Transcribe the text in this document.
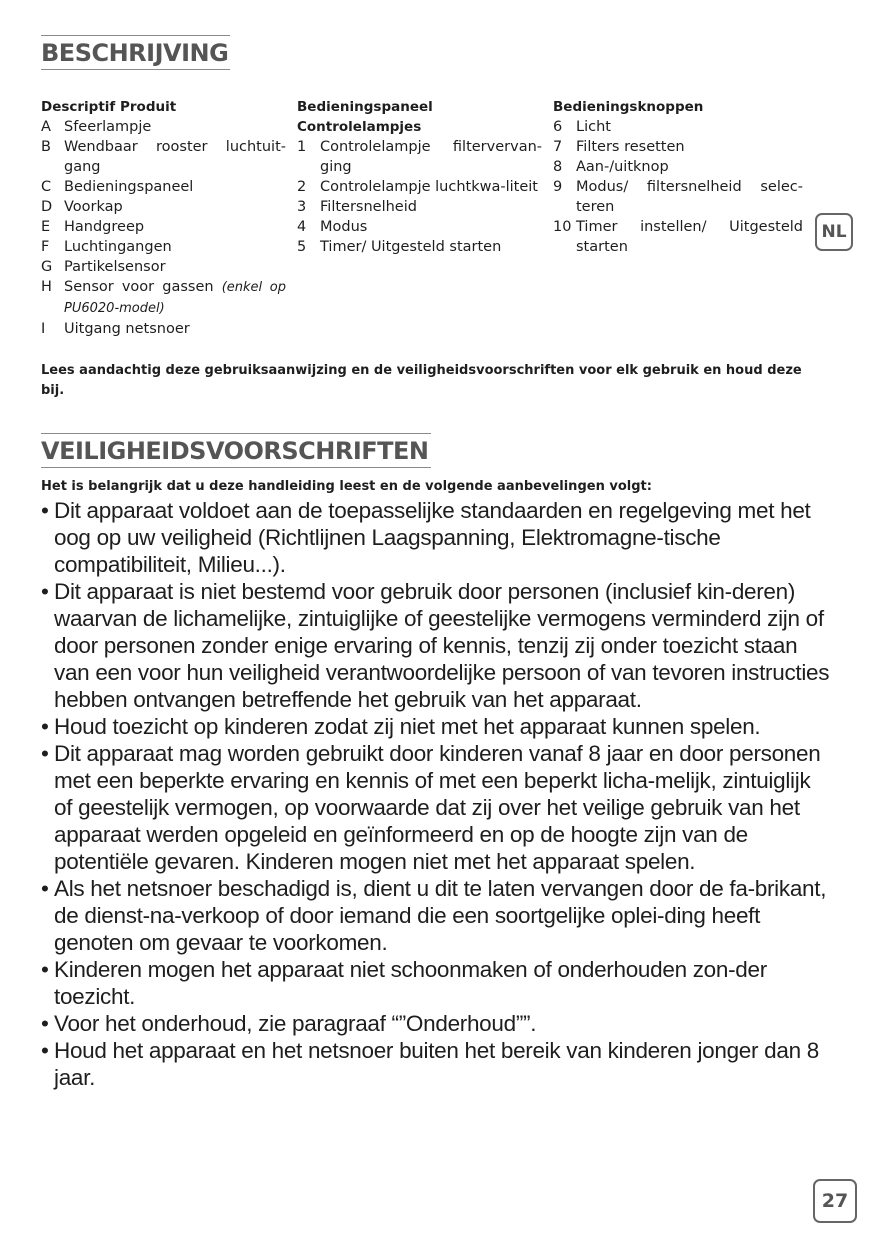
BESCHRIJVING
Descriptif Produit
A Sfeerlampje
B Wendbaar rooster luchtuit-gang
C Bedieningspaneel
D Voorkap
E Handgreep
F	Luchtingangen
G Partikelsensor
H Sensor voor gassen (enkel op PU6020-model)
I	Uitgang netsnoer
Bedieningspaneel
Controlelampjes
1 Controlelampje filtervervan-ging
2 Controlelampje luchtkwa-liteit
3 Filtersnelheid
4 Modus
5 Timer/ Uitgesteld starten
Bedieningsknoppen
6 Licht
7 Filters resetten
8 Aan-/uitknop
9 Modus/ filtersnelheid selec-teren
10 Timer instellen/ Uitgesteld starten
NL
Lees aandachtig deze gebruiksaanwijzing en de veiligheidsvoorschriften voor elk gebruik en houd deze bij.
VEILIGHEIDSVOORSCHRIFTEN
Het is belangrijk dat u deze handleiding leest en de volgende aanbevelingen volgt:
• Dit apparaat voldoet aan de toepasselijke standaarden en regelgeving met het oog op uw veiligheid (Richtlijnen Laagspanning, Elektromagne-tische compatibiliteit, Milieu...).
• Dit apparaat is niet bestemd voor gebruik door personen (inclusief kin-deren) waarvan de lichamelijke, zintuiglijke of geestelijke vermogens verminderd zijn of door personen zonder enige ervaring of kennis, tenzij zij onder toezicht staan van een voor hun veiligheid verantwoordelijke persoon of van tevoren instructies hebben ontvangen betreffende het gebruik van het apparaat.
• Houd toezicht op kinderen zodat zij niet met het apparaat kunnen spelen.
• Dit apparaat mag worden gebruikt door kinderen vanaf 8 jaar en door personen met een beperkte ervaring en kennis of met een beperkt licha-melijk, zintuiglijk of geestelijk vermogen, op voorwaarde dat zij over het veilige gebruik van het apparaat werden opgeleid en geïnformeerd en op de hoogte zijn van de potentiële gevaren. Kinderen mogen niet met het apparaat spelen.
• Als het netsnoer beschadigd is, dient u dit te laten vervangen door de fa-brikant, de dienst-na-verkoop of door iemand die een soortgelijke oplei-ding heeft genoten om gevaar te voorkomen.
• Kinderen mogen het apparaat niet schoonmaken of onderhouden zon-der toezicht.
• Voor het onderhoud, zie paragraaf “”Onderhoud””.
• Houd het apparaat en het netsnoer buiten het bereik van kinderen jonger dan 8 jaar.
27
